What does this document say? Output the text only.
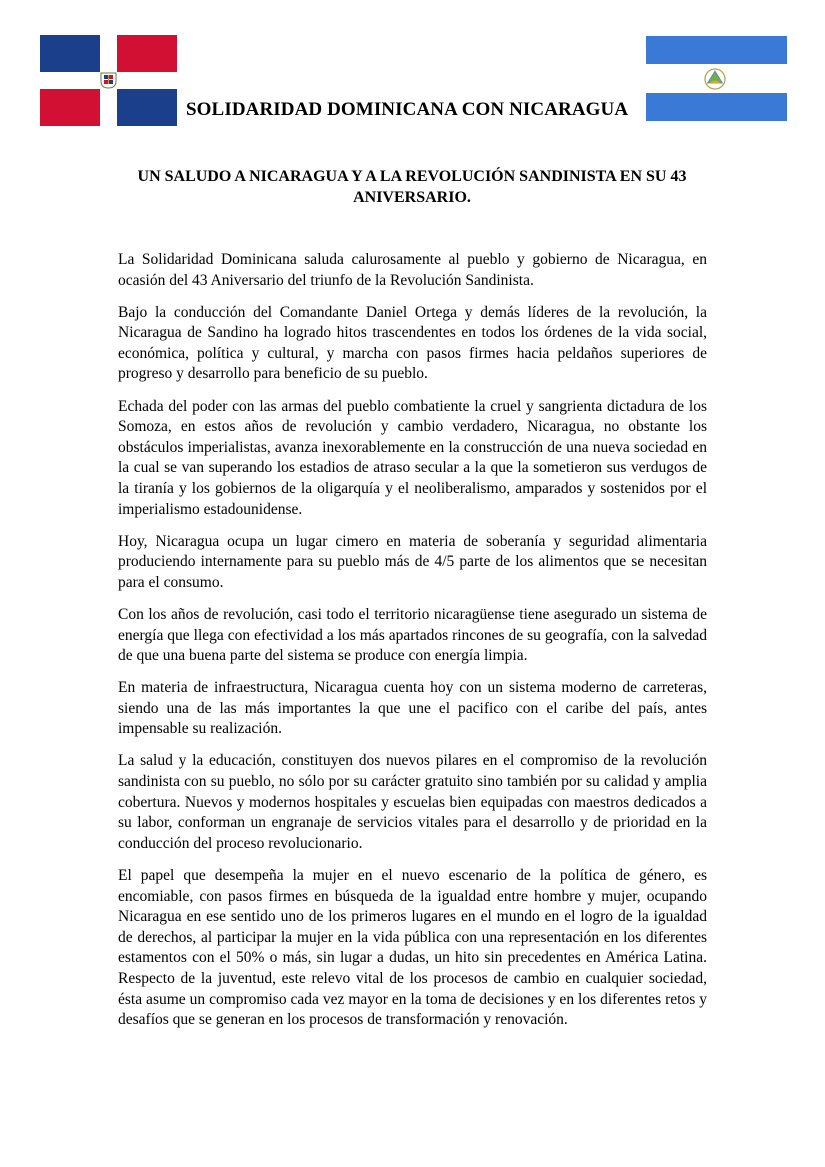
SOLIDARIDAD DOMINICANA CON NICARAGUA
UN SALUDO A NICARAGUA Y A LA REVOLUCIÓN SANDINISTA EN SU 43 ANIVERSARIO.

La Solidaridad Dominicana saluda calurosamente al pueblo y gobierno de Nicaragua, en ocasión del 43 Aniversario del triunfo de la Revolución Sandinista.

Bajo la conducción del Comandante Daniel Ortega y demás líderes de la revolución, la Nicaragua de Sandino ha logrado hitos trascendentes en todos los órdenes de la vida social, económica, política y cultural, y marcha con pasos firmes hacia peldaños superiores de progreso y desarrollo para beneficio de su pueblo.

Echada del poder con las armas del pueblo combatiente la cruel y sangrienta dictadura de los Somoza, en estos años de revolución y cambio verdadero, Nicaragua, no obstante los obstáculos imperialistas, avanza inexorablemente en la construcción de una nueva sociedad en la cual se van superando los estadios de atraso secular a la que la sometieron sus verdugos de la tiranía y los gobiernos de la oligarquía y el neoliberalismo, amparados y sostenidos por el imperialismo estadounidense.

Hoy, Nicaragua ocupa un lugar cimero en materia de soberanía y seguridad alimentaria produciendo internamente para su pueblo más de 4/5 parte de los alimentos que se necesitan para el consumo.

Con los años de revolución, casi todo el territorio nicaragüense tiene asegurado un sistema de energía que llega con efectividad a los más apartados rincones de su geografía, con la salvedad de que una buena parte del sistema se produce con energía limpia.

En materia de infraestructura, Nicaragua cuenta hoy con un sistema moderno de carreteras, siendo una de las más importantes la que une el pacifico con el caribe del país, antes impensable su realización.

La salud y la educación, constituyen dos nuevos pilares en el compromiso de la revolución sandinista con su pueblo, no sólo por su carácter gratuito sino también por su calidad y amplia cobertura. Nuevos y modernos hospitales y escuelas bien equipadas con maestros dedicados a su labor, conforman un engranaje de servicios vitales para el desarrollo y de prioridad en la conducción del proceso revolucionario.

El papel que desempeña la mujer en el nuevo escenario de la política de género, es encomiable, con pasos firmes en búsqueda de la igualdad entre hombre y mujer, ocupando Nicaragua en ese sentido uno de los primeros lugares en el mundo en el logro de la igualdad de derechos, al participar la mujer en la vida pública con una representación en los diferentes estamentos con el 50% o más, sin lugar a dudas, un hito sin precedentes en América Latina. Respecto de la juventud, este relevo vital de los procesos de cambio en cualquier sociedad, ésta asume un compromiso cada vez mayor en la toma de decisiones y en los diferentes retos y desafíos que se generan en los procesos de transformación y renovación.
